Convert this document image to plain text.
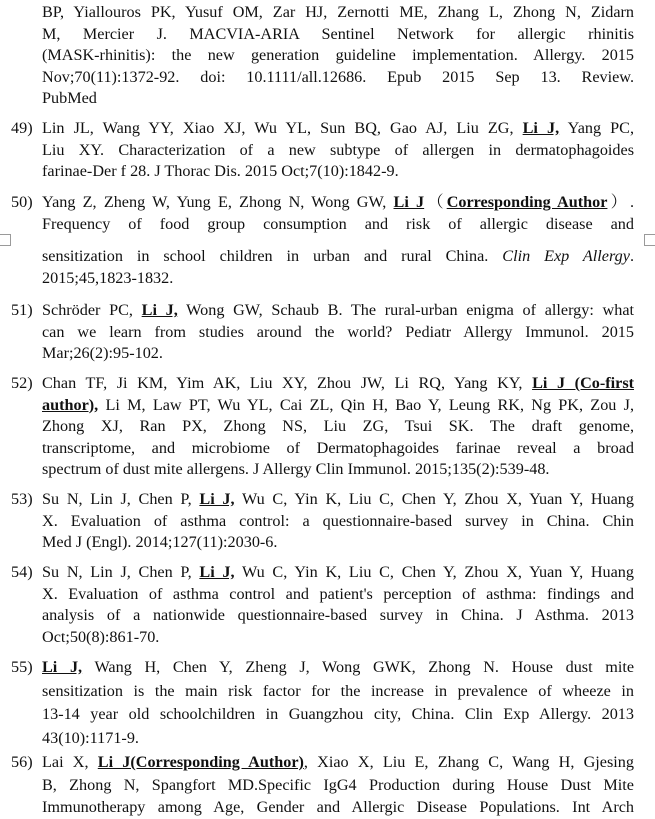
BP, Yiallouros PK, Yusuf OM, Zar HJ, Zernotti ME, Zhang L, Zhong N, Zidarn
M, Mercier J. MACVIA-ARIA Sentinel Network for allergic rhinitis
(MASK-rhinitis): the new generation guideline implementation. Allergy. 2015
Nov;70(11):1372-92. doi: 10.1111/all.12686. Epub 2015 Sep 13. Review.
PubMed
49) Lin JL, Wang YY, Xiao XJ, Wu YL, Sun BQ, Gao AJ, Liu ZG, Li J, Yang PC,
Liu XY. Characterization of a new subtype of allergen in dermatophagoides
farinae-Der f 28. J Thorac Dis. 2015 Oct;7(10):1842-9.
50) Yang Z, Zheng W, Yung E, Zhong N, Wong GW, Li J（Corresponding Author）.
Frequency of food group consumption and risk of allergic disease and
sensitization in school children in urban and rural China. Clin Exp Allergy.
2015;45,1823-1832.
51) Schröder PC, Li J, Wong GW, Schaub B. The rural-urban enigma of allergy: what
can we learn from studies around the world? Pediatr Allergy Immunol. 2015
Mar;26(2):95-102.
52) Chan TF, Ji KM, Yim AK, Liu XY, Zhou JW, Li RQ, Yang KY, Li J (Co-first
author), Li M, Law PT, Wu YL, Cai ZL, Qin H, Bao Y, Leung RK, Ng PK, Zou J,
Zhong XJ, Ran PX, Zhong NS, Liu ZG, Tsui SK. The draft genome,
transcriptome, and microbiome of Dermatophagoides farinae reveal a broad
spectrum of dust mite allergens. J Allergy Clin Immunol. 2015;135(2):539-48.
53) Su N, Lin J, Chen P, Li J, Wu C, Yin K, Liu C, Chen Y, Zhou X, Yuan Y, Huang
X. Evaluation of asthma control: a questionnaire-based survey in China. Chin
Med J (Engl). 2014;127(11):2030-6.
54) Su N, Lin J, Chen P, Li J, Wu C, Yin K, Liu C, Chen Y, Zhou X, Yuan Y, Huang
X. Evaluation of asthma control and patient's perception of asthma: findings and
analysis of a nationwide questionnaire-based survey in China. J Asthma. 2013
Oct;50(8):861-70.
55) Li J, Wang H, Chen Y, Zheng J, Wong GWK, Zhong N. House dust mite
sensitization is the main risk factor for the increase in prevalence of wheeze in
13-14 year old schoolchildren in Guangzhou city, China. Clin Exp Allergy. 2013
43(10):1171-9.
56) Lai X, Li J(Corresponding Author), Xiao X, Liu E, Zhang C, Wang H, Gjesing
B, Zhong N, Spangfort MD.Specific IgG4 Production during House Dust Mite
Immunotherapy among Age, Gender and Allergic Disease Populations. Int Arch
